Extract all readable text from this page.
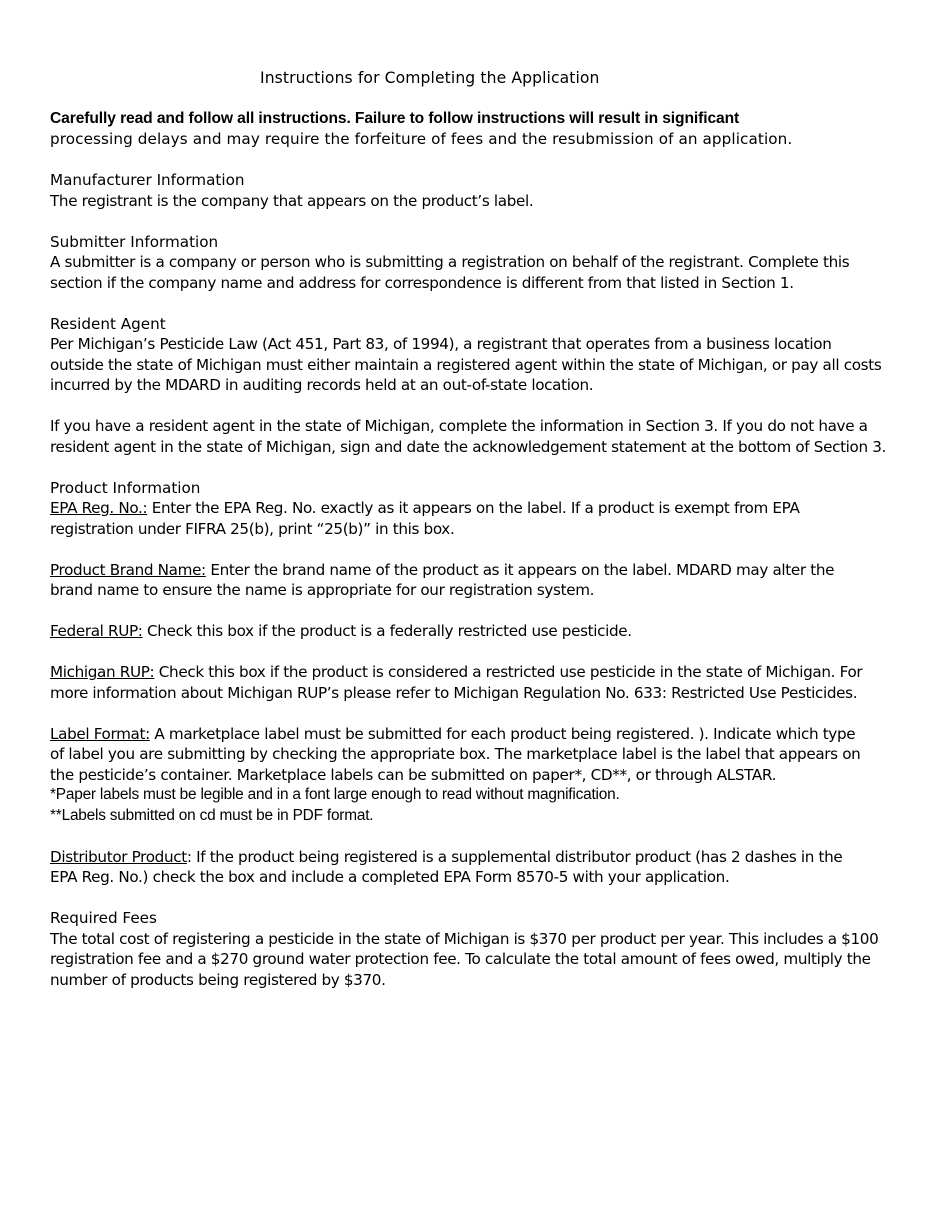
Instructions for Completing the Application

Carefully read and follow all instructions. Failure to follow instructions will result in significant

processing delays and may require the forfeiture of fees and the resubmission of an application.

Manufacturer Information

The registrant is the company that appears on the product’s label.

Submitter Information

A submitter is a company or person who is submitting a registration on behalf of the registrant. Complete this

section if the company name and address for correspondence is different from that listed in Section 1.

Resident Agent

Per Michigan’s Pesticide Law (Act 451, Part 83, of 1994), a registrant that operates from a business location

outside the state of Michigan must either maintain a registered agent within the state of Michigan, or pay all costs

incurred by the MDARD in auditing records held at an out-of-state location.

If you have a resident agent in the state of Michigan, complete the information in Section 3. If you do not have a

resident agent in the state of Michigan, sign and date the acknowledgement statement at the bottom of Section 3.

Product Information

EPA Reg. No.: Enter the EPA Reg. No. exactly as it appears on the label. If a product is exempt from EPA

registration under FIFRA 25(b), print “25(b)” in this box.

Product Brand Name: Enter the brand name of the product as it appears on the label. MDARD may alter the

brand name to ensure the name is appropriate for our registration system.

Federal RUP: Check this box if the product is a federally restricted use pesticide.

Michigan RUP: Check this box if the product is considered a restricted use pesticide in the state of Michigan. For

more information about Michigan RUP’s please refer to Michigan Regulation No. 633: Restricted Use Pesticides.

Label Format: A marketplace label must be submitted for each product being registered. ). Indicate which type

of label you are submitting by checking the appropriate box. The marketplace label is the label that appears on

the pesticide’s container. Marketplace labels can be submitted on paper*, CD**, or through ALSTAR.

*Paper labels must be legible and in a font large enough to read without magnification.

**Labels submitted on cd must be in PDF format.

Distributor Product: If the product being registered is a supplemental distributor product (has 2 dashes in the

EPA Reg. No.) check the box and include a completed EPA Form 8570-5 with your application.

Required Fees

The total cost of registering a pesticide in the state of Michigan is $370 per product per year. This includes a $100

registration fee and a $270 ground water protection fee. To calculate the total amount of fees owed, multiply the

number of products being registered by $370.
